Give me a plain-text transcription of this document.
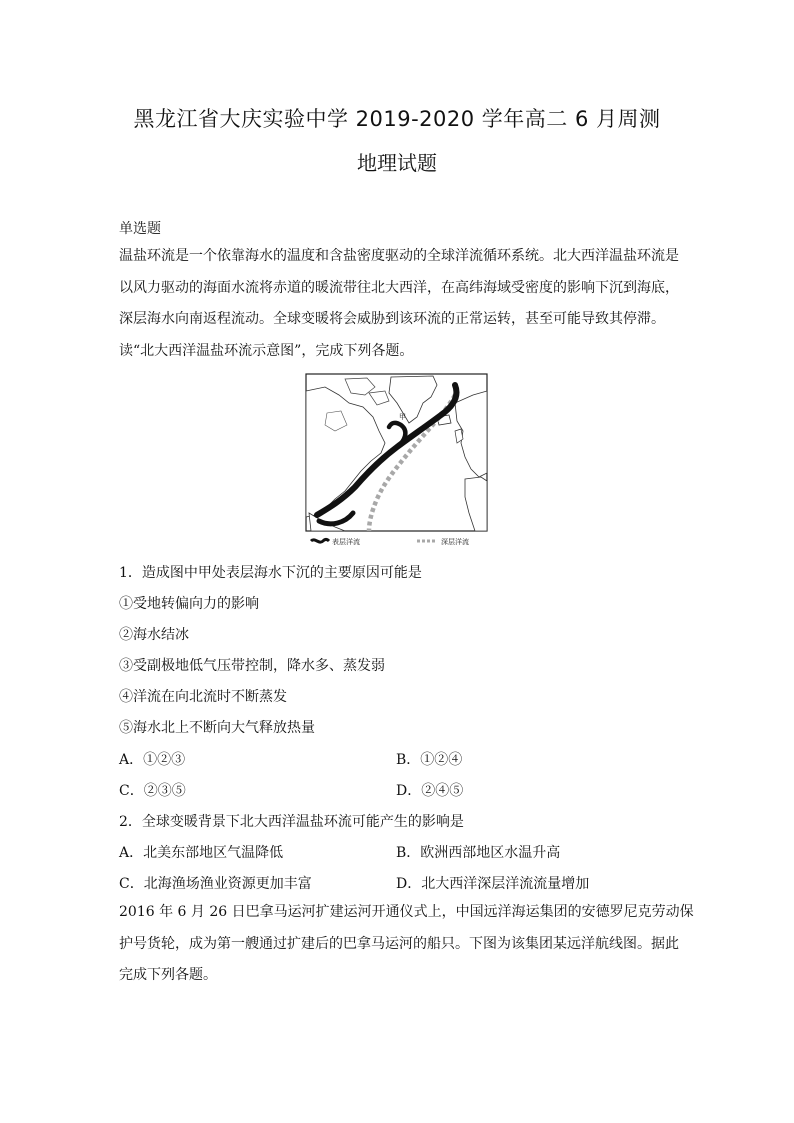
黑龙江省大庆实验中学 2019-2020 学年高二 6 月周测
地理试题
单选题
温盐环流是一个依靠海水的温度和含盐密度驱动的全球洋流循环系统。北大西洋温盐环流是
以风力驱动的海面水流将赤道的暖流带往北大西洋，在高纬海域受密度的影响下沉到海底，
深层海水向南返程流动。全球变暖将会威胁到该环流的正常运转，甚至可能导致其停滞。
读“北大西洋温盐环流示意图”，完成下列各题。
甲
表层洋流	深层洋流
1．造成图中甲处表层海水下沉的主要原因可能是
①受地转偏向力的影响
②海水结冰
③受副极地低气压带控制，降水多、蒸发弱
④洋流在向北流时不断蒸发
⑤海水北上不断向大气释放热量
A．①②③	B．①②④
C．②③⑤	D．②④⑤
2．全球变暖背景下北大西洋温盐环流可能产生的影响是
A．北美东部地区气温降低	B．欧洲西部地区水温升高
C．北海渔场渔业资源更加丰富	D．北大西洋深层洋流流量增加
2016 年 6 月 26 日巴拿马运河扩建运河开通仪式上，中国远洋海运集团的安德罗尼克劳动保
护号货轮，成为第一艘通过扩建后的巴拿马运河的船只。下图为该集团某远洋航线图。据此
完成下列各题。
